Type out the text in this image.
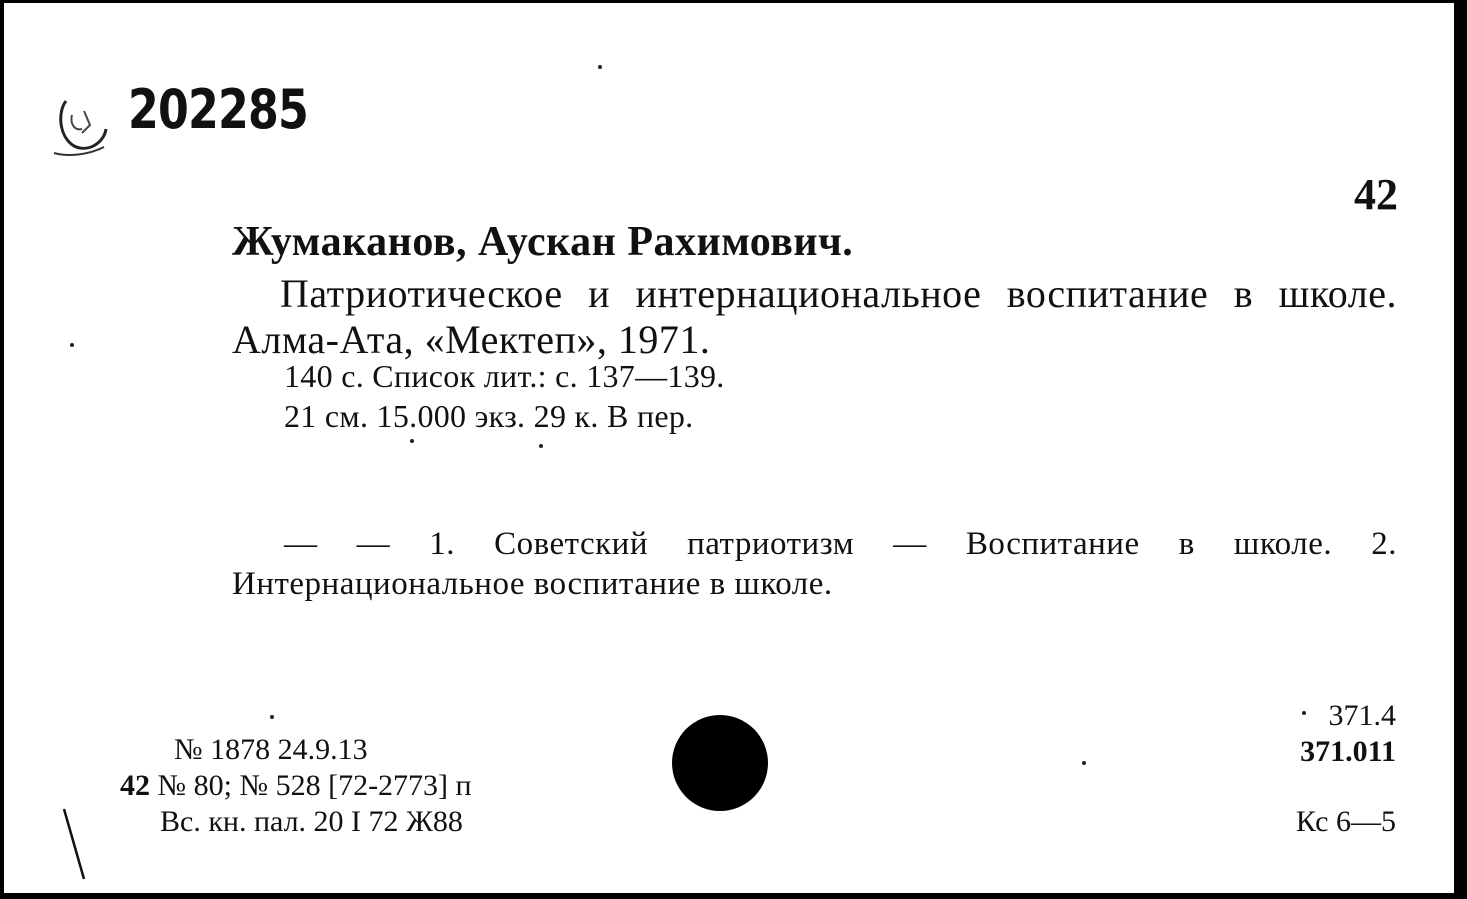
202285
42
Жумаканов, Аускан Рахимович.
Патриотическое и интернациональное воспитание в школе. Алма-Ата, «Мектеп», 1971.
140 с. Список лит.: с. 137—139.
21 см. 15.000 экз. 29 к. В пер.
— — 1. Советский патриотизм — Воспитание в школе. 2. Интернациональное воспитание в школе.
№ 1878 24.9.13
42 № 80; № 528 [72-2773] п
Вс. кн. пал. 20 I 72 Ж88
371.4
371.011
Кс 6—5
